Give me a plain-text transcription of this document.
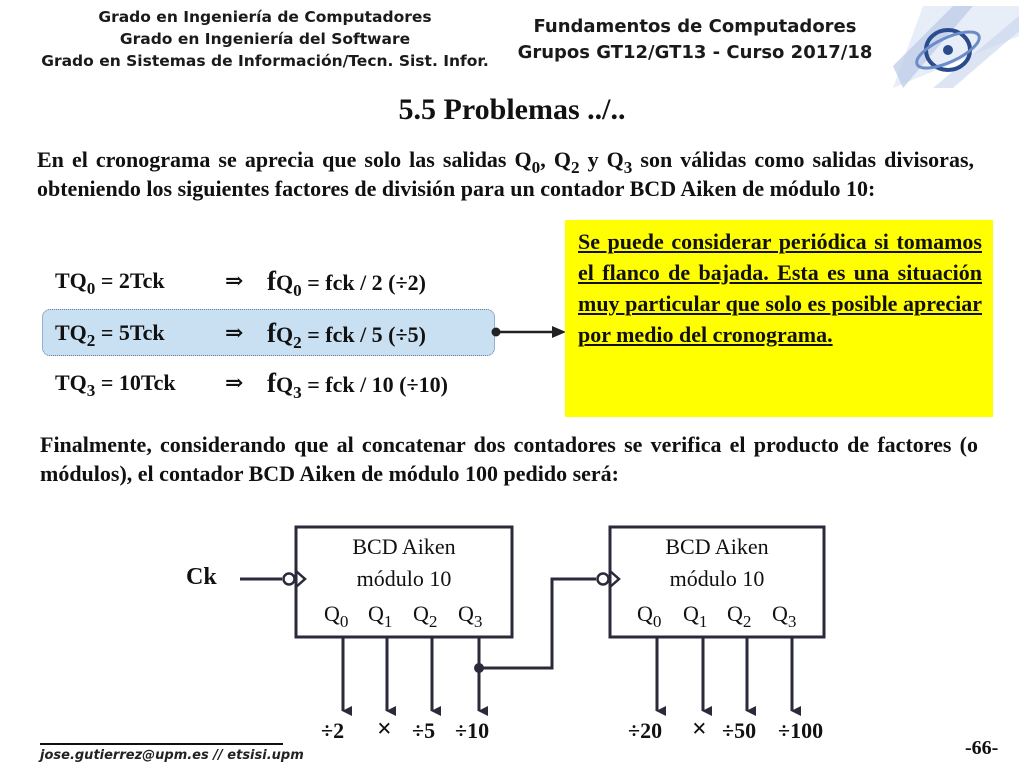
Grado en Ingeniería de Computadores
Grado en Ingeniería del Software
Grado en Sistemas de Información/Tecn. Sist. Infor.
Fundamentos de Computadores
Grupos GT12/GT13 - Curso 2017/18
5.5 Problemas ../..
En el cronograma se aprecia que solo las salidas $Q_0$, $Q_2$ y $Q_3$ son válidas como salidas divisoras, obteniendo los siguientes factores de división para un contador BCD Aiken de módulo 10:
$TQ_0 = 2Tck$	⇒ $fQ_0$ = fck / 2 (÷2)
$TQ_2 = 5Tck$	⇒ $fQ_2$ = fck / 5 (÷5)
$TQ_3 = 10Tck$ ⇒ $fQ_3$ = fck / 10 (÷10)
Se puede considerar periódica si tomamos el flanco de bajada. Esta es una situación muy particular que solo es posible apreciar por medio del cronograma.
Finalmente, considerando que al concatenar dos contadores se verifica el producto de factores (o módulos), el contador BCD Aiken de módulo 100 pedido será:
Ck
BCD Aiken
módulo 10
$Q_0$ $Q_1$ $Q_2$ $Q_3$
BCD Aiken
módulo 10
$Q_0$ $Q_1$ $Q_2$ $Q_3$
÷2 × ÷5 ÷10	÷20 × ÷50 ÷100
jose.gutierrez@upm.es // etsisi.upm	-66-
